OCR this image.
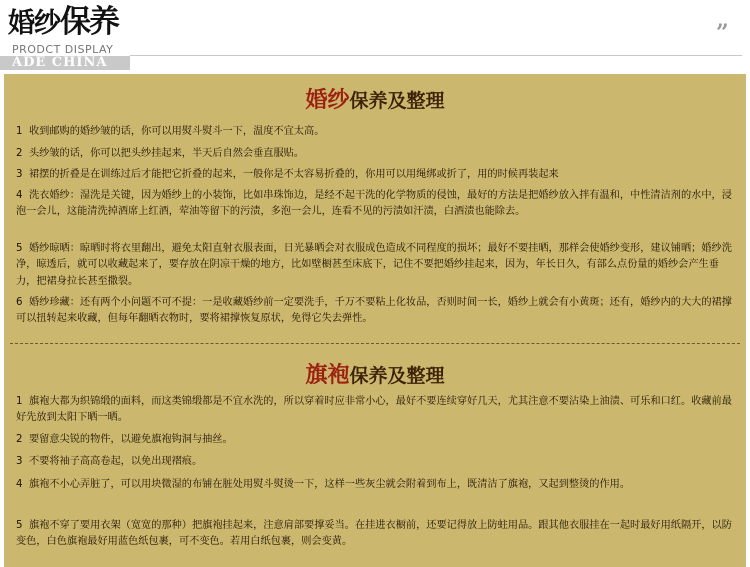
婚纱保养
PRODCT DISPLAY
ADE CHINA
”
婚纱保养及整理
1 收到邮购的婚纱皱的话，你可以用熨斗熨斗一下，温度不宜太高。
2 头纱皱的话，你可以把头纱挂起来，半天后自然会垂直服贴。
3 裙摆的折叠是在训练过后才能把它折叠的起来，一般你是不太容易折叠的，你用可以用绳绑或折了，用的时候再装起来
4 洗衣婚纱：湿洗是关键，因为婚纱上的小装饰，比如串珠饰边，是经不起干洗的化学物质的侵蚀，最好的方法是把婚纱放入拌有温和，中性清洁剂的水中，浸泡一会儿，这能清洗掉酒席上红酒，荤油等留下的污渍，多泡一会儿，连看不见的污渍如汗渍，白酒渍也能除去。
5 婚纱晾晒：晾晒时将衣里翻出，避免太阳直射衣服表面，日光暴晒会对衣服成色造成不同程度的损坏；最好不要挂晒，那样会使婚纱变形，建议铺晒；婚纱洗净，晾透后，就可以收藏起来了，要存放在阴凉干燥的地方，比如壁橱甚至床底下，记住不要把婚纱挂起来，因为，年长日久，有部么点份量的婚纱会产生垂力，把裙身拉长甚至撒裂。
6 婚纱珍藏：还有两个小问题不可不提：一是收藏婚纱前一定要洗手，千万不要粘上化妆品，否则时间一长，婚纱上就会有小黄斑；还有，婚纱内的大大的裙撑可以扭转起来收藏，但每年翻晒衣物时，要将裙撑恢复原状，免得它失去弹性。
旗袍保养及整理
1 旗袍大都为织锦缎的面料，而这类锦缎都是不宜水洗的，所以穿着时应非常小心，最好不要连续穿好几天，尤其注意不要沾染上油渍、可乐和口红。收藏前最好先放到太阳下晒一晒。
2 要留意尖锐的物件，以避免旗袍钩洞与抽丝。
3 不要将袖子高高卷起，以免出现褶痕。
4 旗袍不小心弄脏了，可以用块微湿的布铺在脏处用熨斗熨烫一下，这样一些灰尘就会附着到布上，既清洁了旗袍，又起到整烫的作用。
5 旗袍不穿了要用衣架（宽宽的那种）把旗袍挂起来，注意肩部要撑妥当。在挂进衣橱前，还要记得放上防蛀用品。跟其他衣服挂在一起时最好用纸隔开，以防变色，白色旗袍最好用蓝色纸包裹，可不变色。若用白纸包裹，则会变黄。
